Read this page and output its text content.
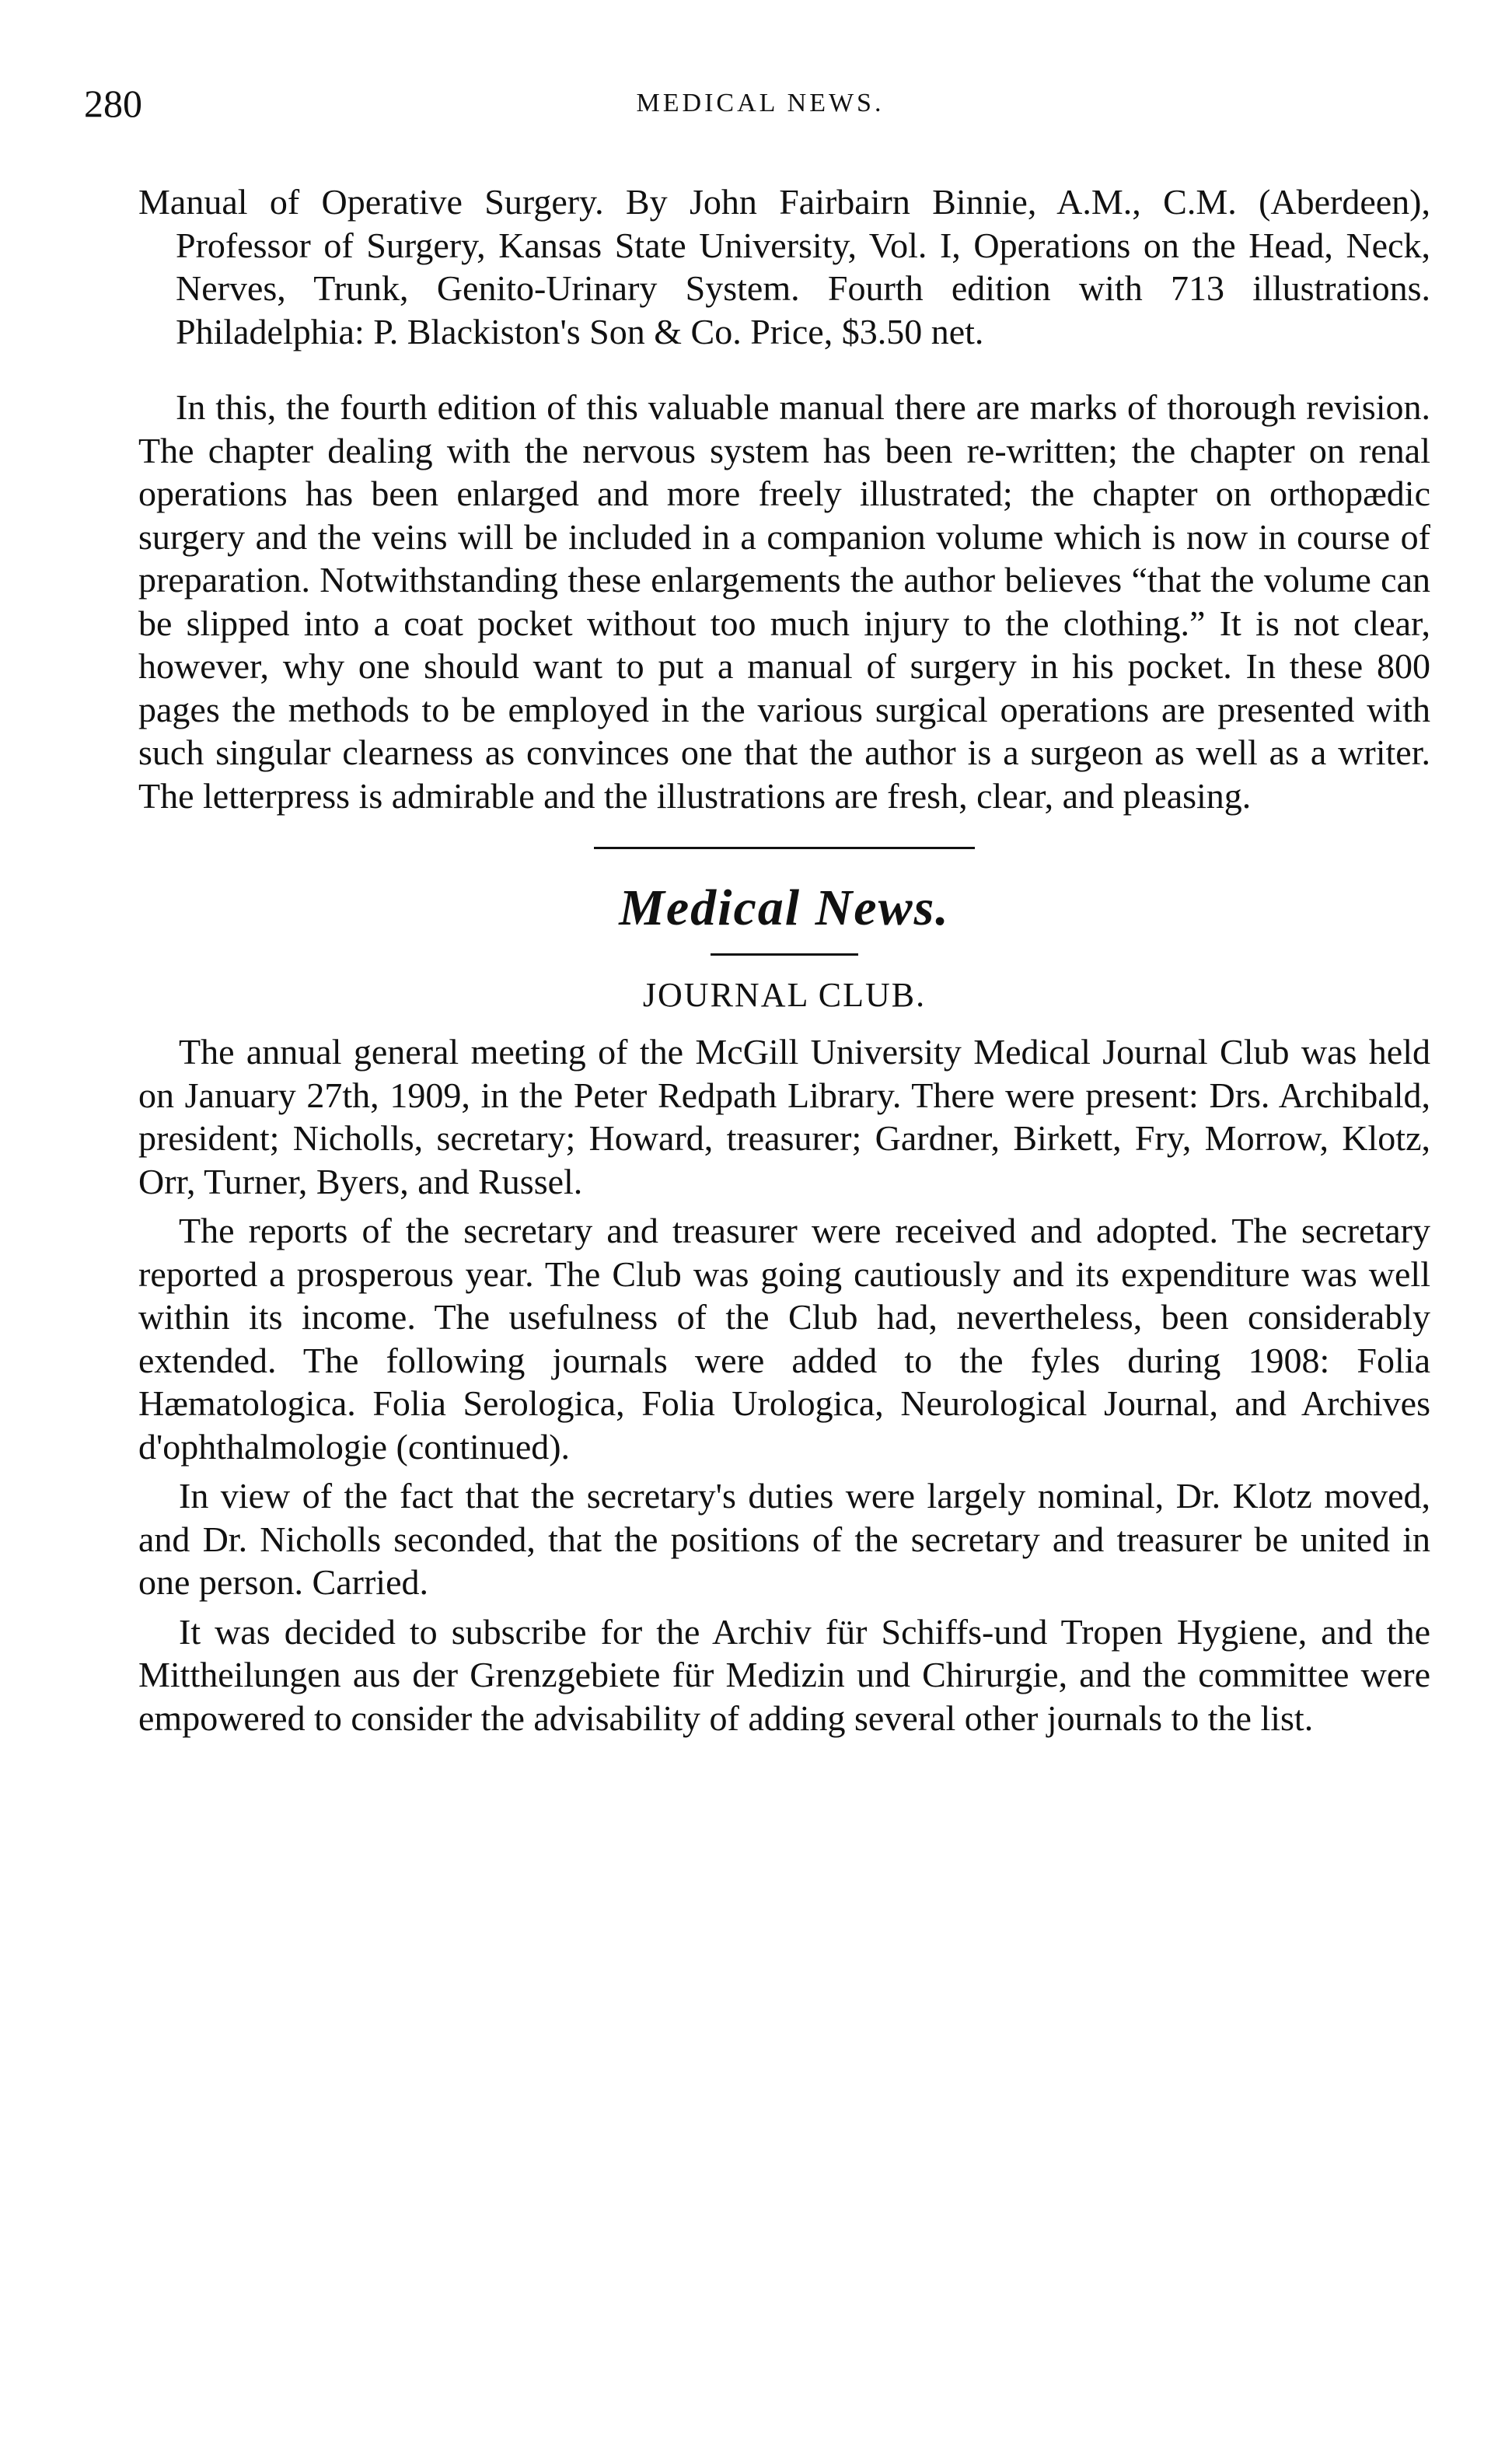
280	MEDICAL NEWS.

Manual of Operative Surgery. By John Fairbairn Binnie, A.M., C.M. (Aberdeen), Professor of Surgery, Kansas State University, Vol. I, Operations on the Head, Neck, Nerves, Trunk, Genito-Urinary System. Fourth edition with 713 illustrations. Philadelphia: P. Blackiston's Son & Co. Price, $3.50 net.

In this, the fourth edition of this valuable manual there are marks of thorough revision. The chapter dealing with the nervous system has been re-written; the chapter on renal operations has been enlarged and more freely illustrated; the chapter on orthopædic surgery and the veins will be included in a companion volume which is now in course of preparation. Notwithstanding these enlargements the author believes “that the volume can be slipped into a coat pocket without too much injury to the clothing.” It is not clear, however, why one should want to put a manual of surgery in his pocket. In these 800 pages the methods to be employed in the various surgical operations are presented with such singular clearness as convinces one that the author is a surgeon as well as a writer. The letterpress is admirable and the illustrations are fresh, clear, and pleasing.

Medical News.
JOURNAL CLUB.

The annual general meeting of the McGill University Medical Journal Club was held on January 27th, 1909, in the Peter Redpath Library. There were present: Drs. Archibald, president; Nicholls, secretary; Howard, treasurer; Gardner, Birkett, Fry, Morrow, Klotz, Orr, Turner, Byers, and Russel.

The reports of the secretary and treasurer were received and adopted. The secretary reported a prosperous year. The Club was going cautiously and its expenditure was well within its income. The usefulness of the Club had, nevertheless, been considerably extended. The following journals were added to the fyles during 1908: Folia Hæmatologica. Folia Serologica, Folia Urologica, Neurological Journal, and Archives d'ophthalmologie (continued).

In view of the fact that the secretary's duties were largely nominal, Dr. Klotz moved, and Dr. Nicholls seconded, that the positions of the secretary and treasurer be united in one person. Carried.

It was decided to subscribe for the Archiv für Schiffs-und Tropen Hygiene, and the Mittheilungen aus der Grenzgebiete für Medizin und Chirurgie, and the committee were empowered to consider the advisability of adding several other journals to the list.
